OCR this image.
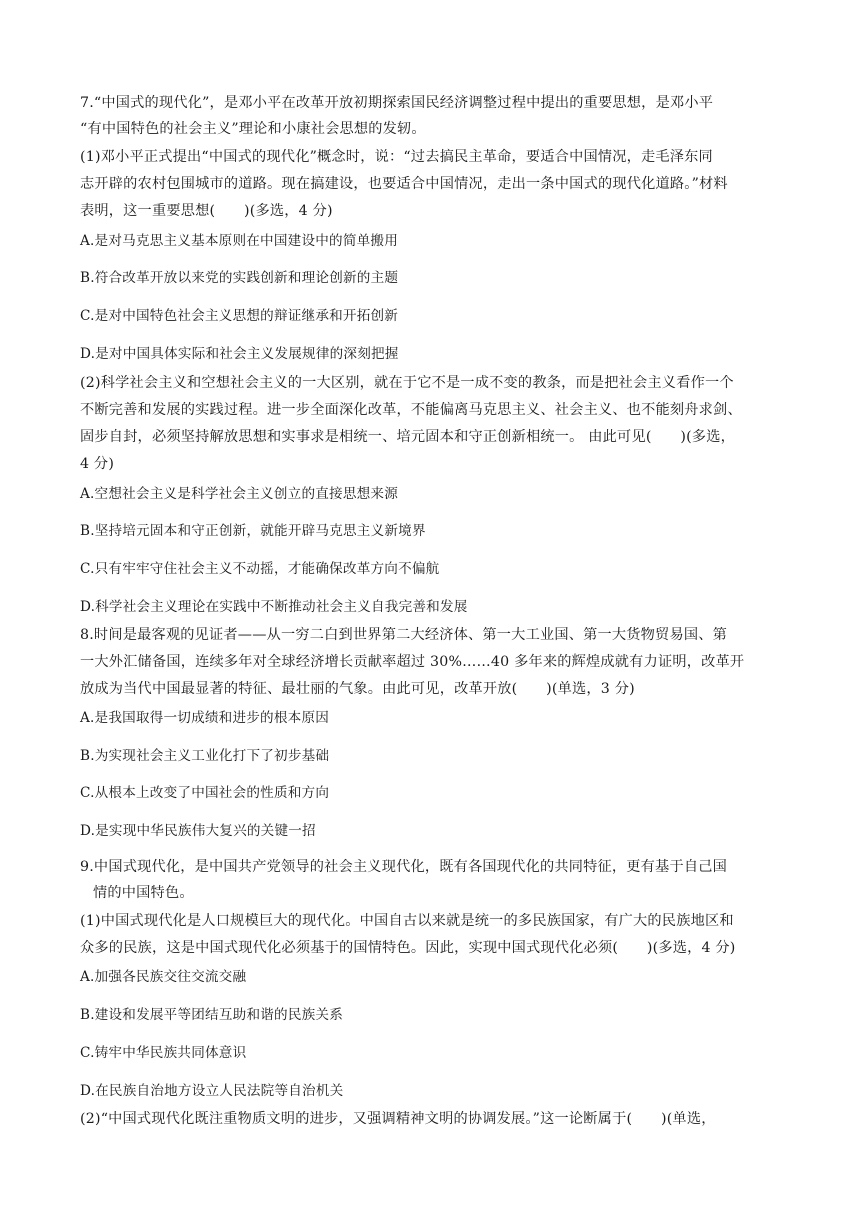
7.“中国式的现代化”，是邓小平在改革开放初期探索国民经济调整过程中提出的重要思想，是邓小平
“有中国特色的社会主义”理论和小康社会思想的发轫。
(1)邓小平正式提出“中国式的现代化”概念时，说：“过去搞民主革命，要适合中国情况，走毛泽东同
志开辟的农村包围城市的道路。现在搞建设，也要适合中国情况，走出一条中国式的现代化道路。”材料
表明，这一重要思想(　　)(多选，4 分)
A.是对马克思主义基本原则在中国建设中的简单搬用
B.符合改革开放以来党的实践创新和理论创新的主题
C.是对中国特色社会主义思想的辩证继承和开拓创新
D.是对中国具体实际和社会主义发展规律的深刻把握
(2)科学社会主义和空想社会主义的一大区别，就在于它不是一成不变的教条，而是把社会主义看作一个
不断完善和发展的实践过程。进一步全面深化改革，不能偏离马克思主义、社会主义、也不能刻舟求剑、
固步自封，必须坚持解放思想和实事求是相统一、培元固本和守正创新相统一。 由此可见(　　)(多选，
4 分)
A.空想社会主义是科学社会主义创立的直接思想来源
B.坚持培元固本和守正创新，就能开辟马克思主义新境界
C.只有牢牢守住社会主义不动摇，才能确保改革方向不偏航
D.科学社会主义理论在实践中不断推动社会主义自我完善和发展
8.时间是最客观的见证者——从一穷二白到世界第二大经济体、第一大工业国、第一大货物贸易国、第
一大外汇储备国，连续多年对全球经济增长贡献率超过 30%……40 多年来的辉煌成就有力证明，改革开
放成为当代中国最显著的特征、最壮丽的气象。由此可见，改革开放(　　)(单选，3 分)
A.是我国取得一切成绩和进步的根本原因
B.为实现社会主义工业化打下了初步基础
C.从根本上改变了中国社会的性质和方向
D.是实现中华民族伟大复兴的关键一招
9.中国式现代化，是中国共产党领导的社会主义现代化，既有各国现代化的共同特征，更有基于自己国
情的中国特色。
(1)中国式现代化是人口规模巨大的现代化。中国自古以来就是统一的多民族国家，有广大的民族地区和
众多的民族，这是中国式现代化必须基于的国情特色。因此，实现中国式现代化必须(　　)(多选，4 分)
A.加强各民族交往交流交融
B.建设和发展平等团结互助和谐的民族关系
C.铸牢中华民族共同体意识
D.在民族自治地方设立人民法院等自治机关
(2)“中国式现代化既注重物质文明的进步，又强调精神文明的协调发展。”这一论断属于(　　)(单选，
